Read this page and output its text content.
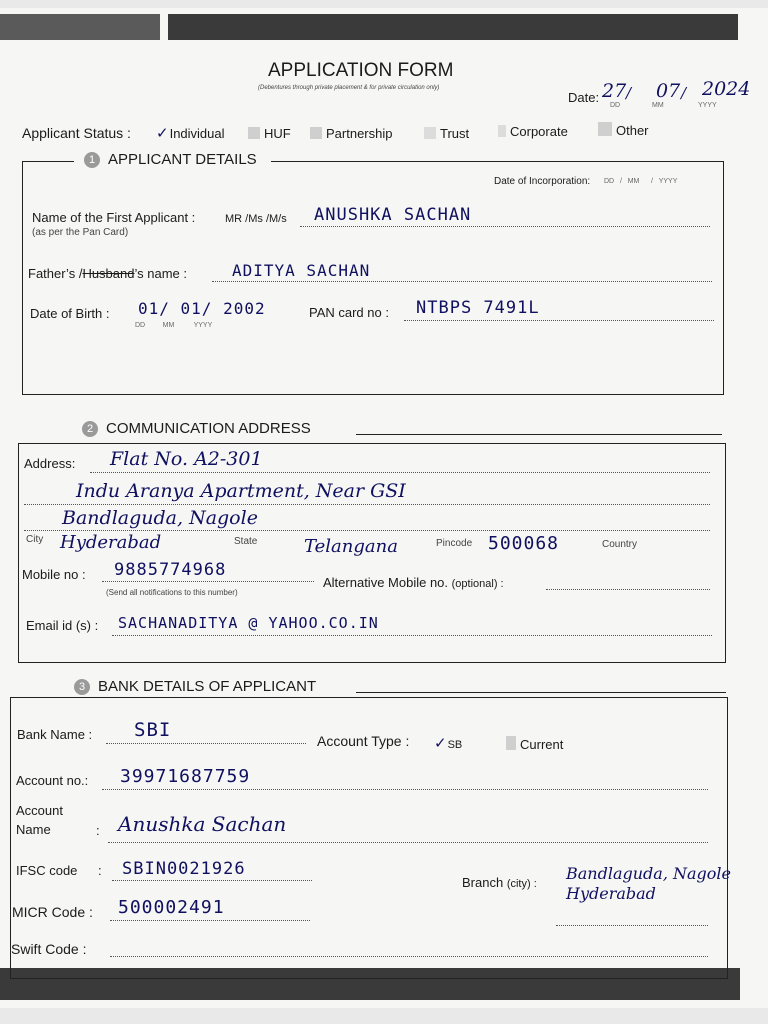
APPLICATION FORM
(Debentures through private placement & for private circulation only)
Date: 27 / 07 / 2024
DD	MM	YYYY
Applicant Status : ✓Individual	HUF	Partnership	Trust	Corporate	Other
1 APPLICANT DETAILS
Date of Incorporation: DD   /   MM      /   YYYY
Name of the First Applicant :	MR /Ms /M/s
(as per the Pan Card)
ANUSHKA SACHAN
Father’s /Husband’s name :	ADITYA SACHAN
Date of Birth : 01/ 01/ 2002
DD         MM          YYYY
PAN card no : NTBPS 7491L
2 COMMUNICATION ADDRESS
Address: Flat No. A2-301
Indu Aranya Apartment, Near GSI
Bandlaguda, Nagole
City Hyderabad	State	Telangana	Pincode 500068	Country
Mobile no : 9885774968
(Send all notifications to this number)
Alternative Mobile no. (optional) :
Email id (s) : SACHANADITYA @ YAHOO.CO.IN
3 BANK DETAILS OF APPLICANT
Bank Name : SBI	Account Type : ✓SB	Current
Account no.: 39971687759
Account
Name	: Anushka Sachan
IFSC code : SBIN0021926
Branch (city) :
Bandlaguda, Nagole
Hyderabad
MICR Code : 500002491
Swift Code :
